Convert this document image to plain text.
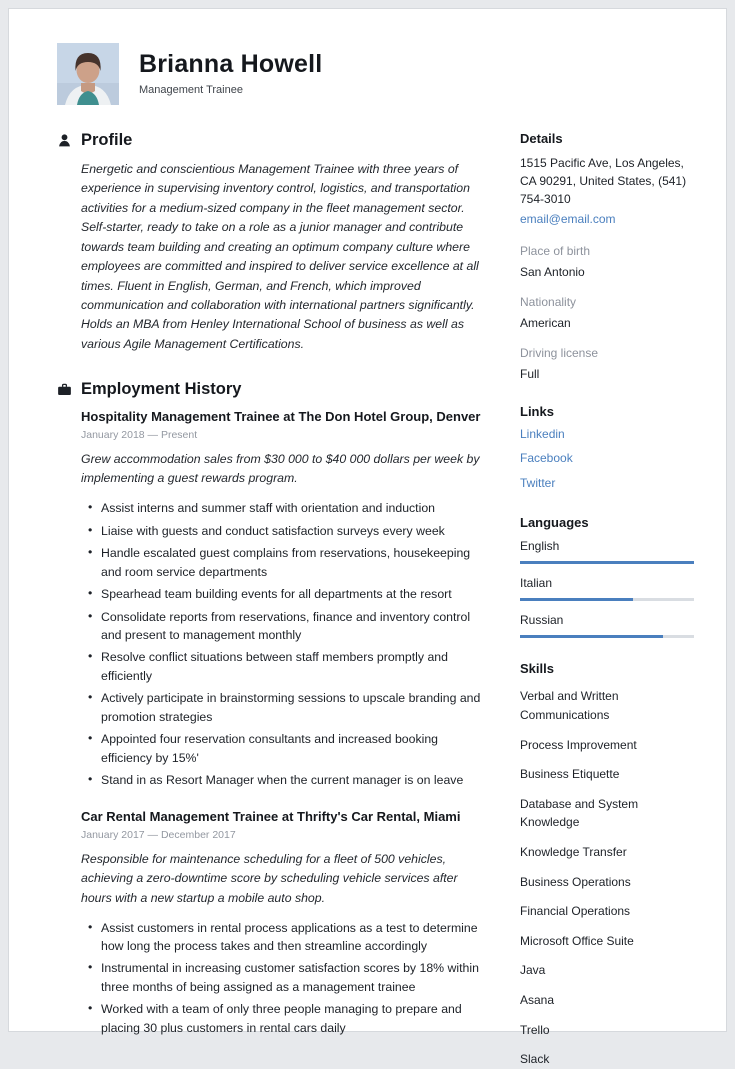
Brianna Howell
Management Trainee
Profile

Energetic and conscientious Management Trainee with three years of experience in supervising inventory control, logistics, and transportation activities for a medium-sized company in the fleet management sector. Self-starter, ready to take on a role as a junior manager and contribute towards team building and creating an optimum company culture where employees are committed and inspired to deliver service excellence at all times. Fluent in English, German, and French, which improved communication and collaboration with international partners significantly. Holds an MBA from Henley International School of business as well as various Agile Management Certifications.

Employment History
Hospitality Management Trainee at The Don Hotel Group, Denver
January 2018 — Present
Grew accommodation sales from $30 000 to $40 000 dollars per week by implementing a guest rewards program.
• Assist interns and summer staff with orientation and induction
• Liaise with guests and conduct satisfaction surveys every week
• Handle escalated guest complains from reservations, housekeeping and room service departments
• Spearhead team building events for all departments at the resort
• Consolidate reports from reservations, finance and inventory control and present to management monthly
• Resolve conflict situations between staff members promptly and efficiently
• Actively participate in brainstorming sessions to upscale branding and promotion strategies
• Appointed four reservation consultants and increased booking efficiency by 15%'
• Stand in as Resort Manager when the current manager is on leave
Car Rental Management Trainee at Thrifty's Car Rental, Miami
January 2017 — December 2017
Responsible for maintenance scheduling for a fleet of 500 vehicles, achieving a zero-downtime score by scheduling vehicle services after hours with a new startup a mobile auto shop.
• Assist customers in rental process applications as a test to determine how long the process takes and then streamline accordingly
• Instrumental in increasing customer satisfaction scores by 18% within three months of being assigned as a management trainee
• Worked with a team of only three people managing to prepare and placing 30 plus customers in rental cars daily
Details
1515 Pacific Ave, Los Angeles, CA 90291, United States, (541) 754-3010
email@email.com
Place of birth
San Antonio
Nationality
American
Driving license
Full
Links
Linkedin
Facebook
Twitter
Languages
English
Italian
Russian
Skills
Verbal and Written Communications
Process Improvement
Business Etiquette
Database and System Knowledge
Knowledge Transfer
Business Operations
Financial Operations
Microsoft Office Suite
Java
Asana
Trello
Slack
